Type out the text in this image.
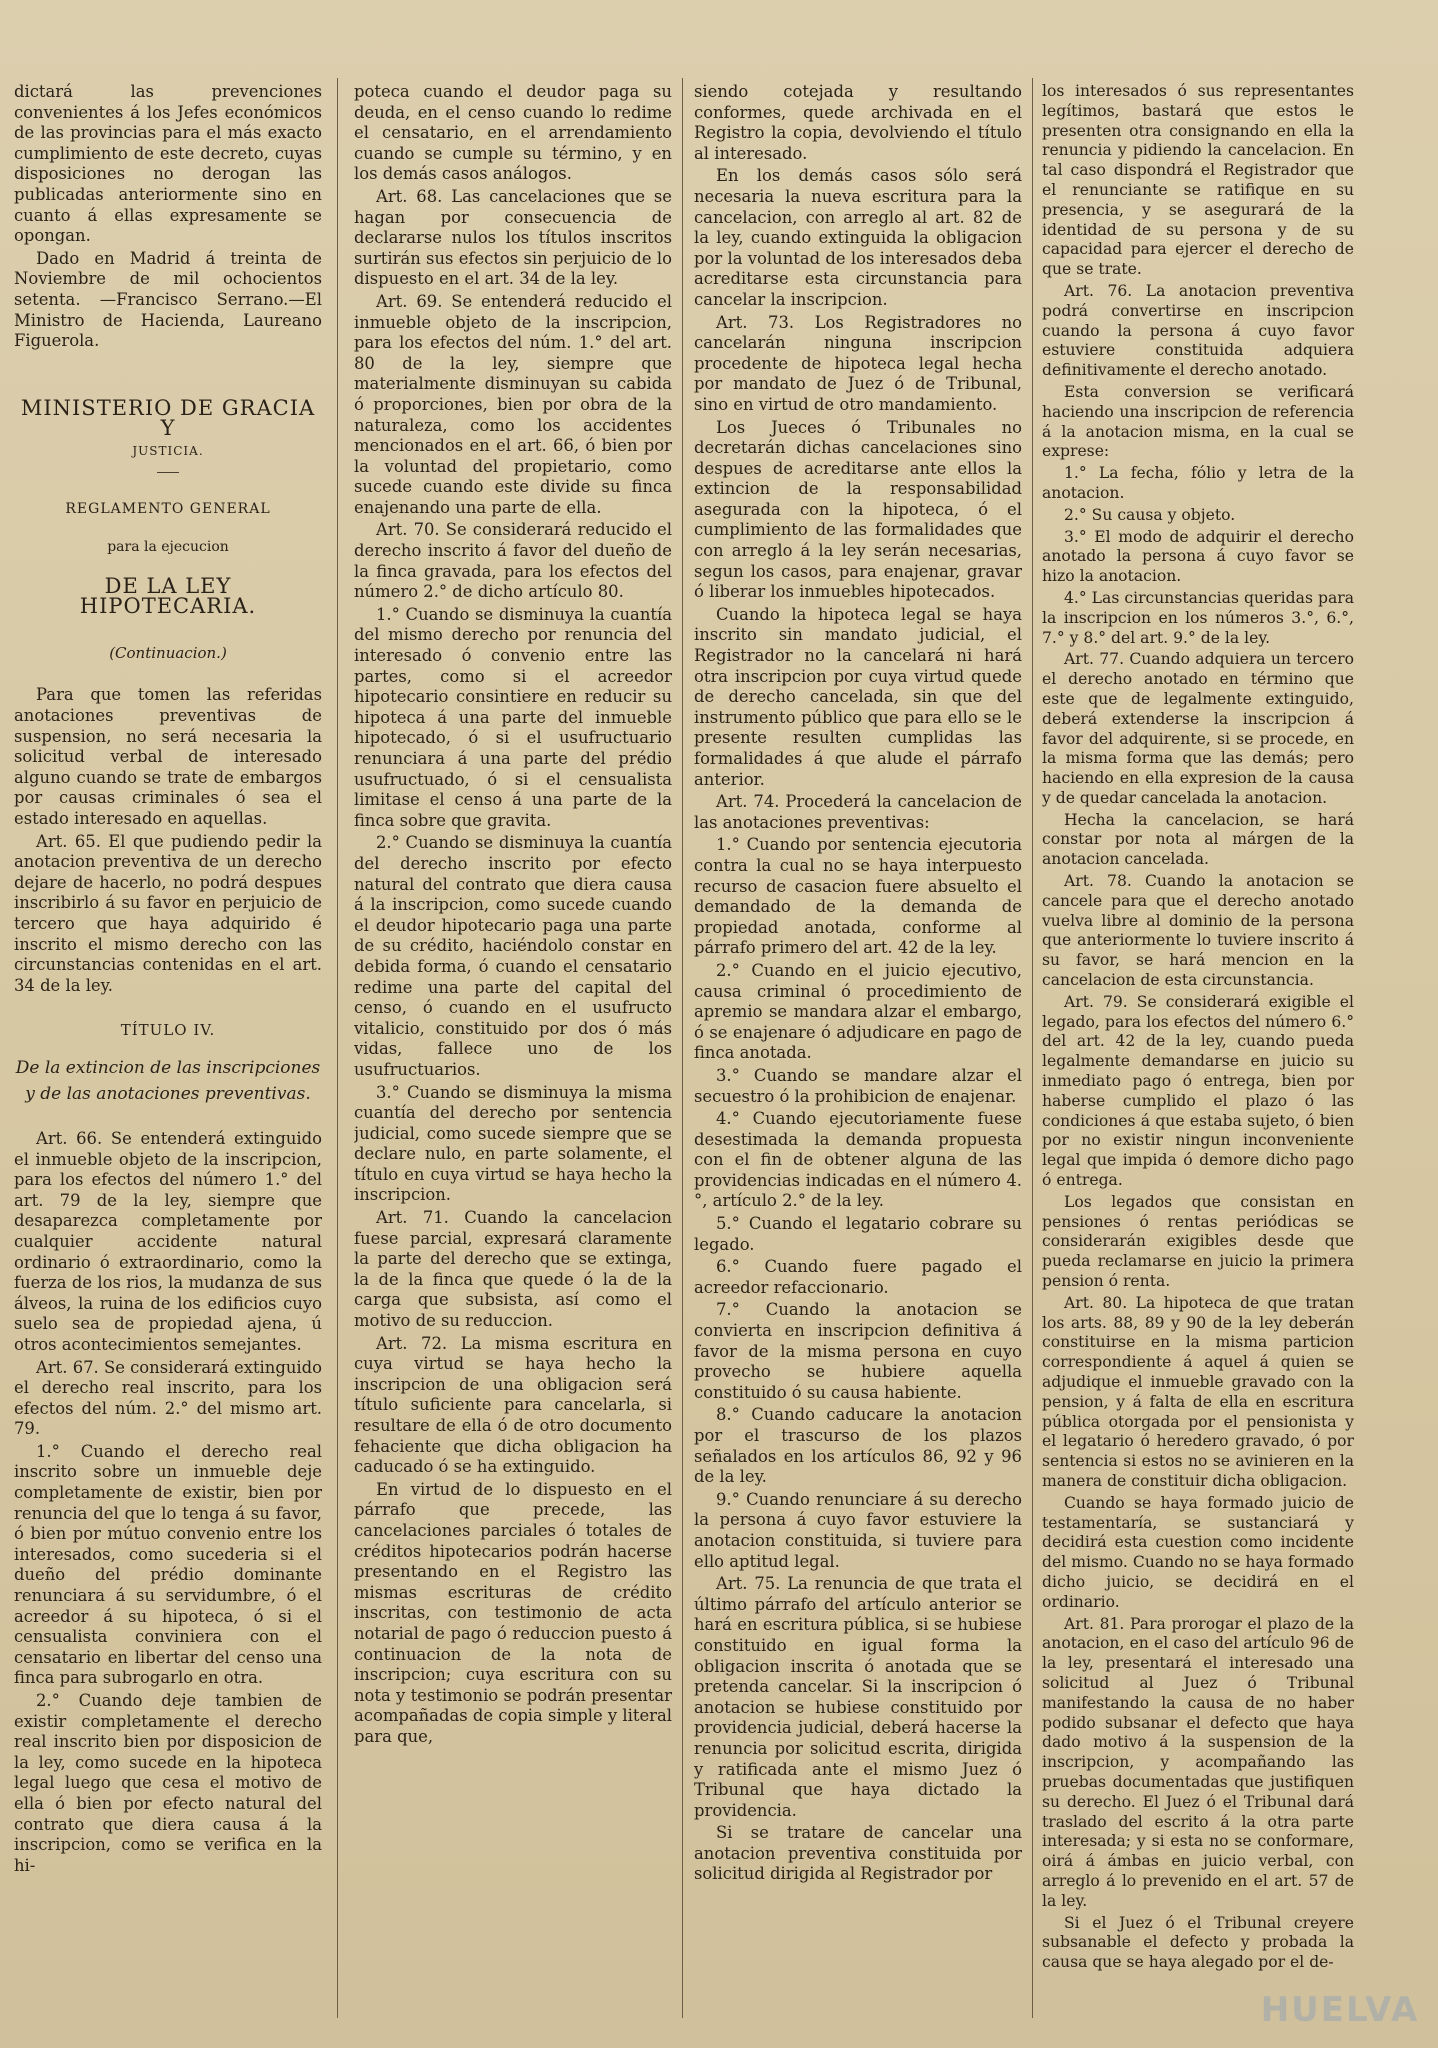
dictará las prevenciones convenientes á los Jefes económicos de las provincias para el más exacto cumplimiento de este decreto, cuyas disposiciones no derogan las publicadas anteriormente sino en cuanto á ellas expresamente se opongan.

Dado en Madrid á treinta de Noviembre de mil ochocientos setenta. —Francisco Serrano.—El Ministro de Hacienda, Laureano Figuerola.

MINISTERIO DE GRACIA Y

JUSTICIA.

REGLAMENTO GENERAL

para la ejecucion

DE LA LEY HIPOTECARIA.

(Continuacion.)

Para que tomen las referidas anotaciones preventivas de suspension, no será necesaria la solicitud verbal de interesado alguno cuando se trate de embargos por causas criminales ó sea el estado interesado en aquellas.

Art. 65. El que pudiendo pedir la anotacion preventiva de un derecho dejare de hacerlo, no podrá despues inscribirlo á su favor en perjuicio de tercero que haya adquirido é inscrito el mismo derecho con las circunstancias contenidas en el art. 34 de la ley.

TÍTULO IV.

De la extincion de las inscripciones y de las anotaciones preventivas.

Art. 66. Se entenderá extinguido el inmueble objeto de la inscripcion, para los efectos del número 1.° del art. 79 de la ley, siempre que desaparezca completamente por cualquier accidente natural ordinario ó extraordinario, como la fuerza de los rios, la mudanza de sus álveos, la ruina de los edificios cuyo suelo sea de propiedad ajena, ú otros acontecimientos semejantes.

Art. 67. Se considerará extinguido el derecho real inscrito, para los efectos del núm. 2.° del mismo art. 79.

1.° Cuando el derecho real inscrito sobre un inmueble deje completamente de existir, bien por renuncia del que lo tenga á su favor, ó bien por mútuo convenio entre los interesados, como sucederia si el dueño del prédio dominante renunciara á su servidumbre, ó el acreedor á su hipoteca, ó si el censualista conviniera con el censatario en libertar del censo una finca para subrogarlo en otra.

2.° Cuando deje tambien de existir completamente el derecho real inscrito bien por disposicion de la ley, como sucede en la hipoteca legal luego que cesa el motivo de ella ó bien por efecto natural del contrato que diera causa á la inscripcion, como se verifica en la hi-

poteca cuando el deudor paga su deuda, en el censo cuando lo redime el censatario, en el arrendamiento cuando se cumple su término, y en los demás casos análogos.

Art. 68. Las cancelaciones que se hagan por consecuencia de declararse nulos los títulos inscritos surtirán sus efectos sin perjuicio de lo dispuesto en el art. 34 de la ley.

Art. 69. Se entenderá reducido el inmueble objeto de la inscripcion, para los efectos del núm. 1.° del art. 80 de la ley, siempre que materialmente disminuyan su cabida ó proporciones, bien por obra de la naturaleza, como los accidentes mencionados en el art. 66, ó bien por la voluntad del propietario, como sucede cuando este divide su finca enajenando una parte de ella.

Art. 70. Se considerará reducido el derecho inscrito á favor del dueño de la finca gravada, para los efectos del número 2.° de dicho artículo 80.

1.° Cuando se disminuya la cuantía del mismo derecho por renuncia del interesado ó convenio entre las partes, como si el acreedor hipotecario consintiere en reducir su hipoteca á una parte del inmueble hipotecado, ó si el usufructuario renunciara á una parte del prédio usufructuado, ó si el censualista limitase el censo á una parte de la finca sobre que gravita.

2.° Cuando se disminuya la cuantía del derecho inscrito por efecto natural del contrato que diera causa á la inscripcion, como sucede cuando el deudor hipotecario paga una parte de su crédito, haciéndolo constar en debida forma, ó cuando el censatario redime una parte del capital del censo, ó cuando en el usufructo vitalicio, constituido por dos ó más vidas, fallece uno de los usufructuarios.

3.° Cuando se disminuya la misma cuantía del derecho por sentencia judicial, como sucede siempre que se declare nulo, en parte solamente, el título en cuya virtud se haya hecho la inscripcion.

Art. 71. Cuando la cancelacion fuese parcial, expresará claramente la parte del derecho que se extinga, la de la finca que quede ó la de la carga que subsista, así como el motivo de su reduccion.

Art. 72. La misma escritura en cuya virtud se haya hecho la inscripcion de una obligacion será título suficiente para cancelarla, si resultare de ella ó de otro documento fehaciente que dicha obligacion ha caducado ó se ha extinguido.

En virtud de lo dispuesto en el párrafo que precede, las cancelaciones parciales ó totales de créditos hipotecarios podrán hacerse presentando en el Registro las mismas escrituras de crédito inscritas, con testimonio de acta notarial de pago ó reduccion puesto á continuacion de la nota de inscripcion; cuya escritura con su nota y testimonio se podrán presentar acompañadas de copia simple y literal para que,

siendo cotejada y resultando conformes, quede archivada en el Registro la copia, devolviendo el título al interesado.

En los demás casos sólo será necesaria la nueva escritura para la cancelacion, con arreglo al art. 82 de la ley, cuando extinguida la obligacion por la voluntad de los interesados deba acreditarse esta circunstancia para cancelar la inscripcion.

Art. 73. Los Registradores no cancelarán ninguna inscripcion procedente de hipoteca legal hecha por mandato de Juez ó de Tribunal, sino en virtud de otro mandamiento.

Los Jueces ó Tribunales no decretarán dichas cancelaciones sino despues de acreditarse ante ellos la extincion de la responsabilidad asegurada con la hipoteca, ó el cumplimiento de las formalidades que con arreglo á la ley serán necesarias, segun los casos, para enajenar, gravar ó liberar los inmuebles hipotecados.

Cuando la hipoteca legal se haya inscrito sin mandato judicial, el Registrador no la cancelará ni hará otra inscripcion por cuya virtud quede de derecho cancelada, sin que del instrumento público que para ello se le presente resulten cumplidas las formalidades á que alude el párrafo anterior.

Art. 74. Procederá la cancelacion de las anotaciones preventivas:

1.° Cuando por sentencia ejecutoria contra la cual no se haya interpuesto recurso de casacion fuere absuelto el demandado de la demanda de propiedad anotada, conforme al párrafo primero del art. 42 de la ley.

2.° Cuando en el juicio ejecutivo, causa criminal ó procedimiento de apremio se mandara alzar el embargo, ó se enajenare ó adjudicare en pago de finca anotada.

3.° Cuando se mandare alzar el secuestro ó la prohibicion de enajenar.

4.° Cuando ejecutoriamente fuese desestimada la demanda propuesta con el fin de obtener alguna de las providencias indicadas en el número 4.°, artículo 2.° de la ley.

5.° Cuando el legatario cobrare su legado.

6.° Cuando fuere pagado el acreedor refaccionario.

7.° Cuando la anotacion se convierta en inscripcion definitiva á favor de la misma persona en cuyo provecho se hubiere aquella constituido ó su causa habiente.

8.° Cuando caducare la anotacion por el trascurso de los plazos señalados en los artículos 86, 92 y 96 de la ley.

9.° Cuando renunciare á su derecho la persona á cuyo favor estuviere la anotacion constituida, si tuviere para ello aptitud legal.

Art. 75. La renuncia de que trata el último párrafo del artículo anterior se hará en escritura pública, si se hubiese constituido en igual forma la obligacion inscrita ó anotada que se pretenda cancelar. Si la inscripcion ó anotacion se hubiese constituido por providencia judicial, deberá hacerse la renuncia por solicitud escrita, dirigida y ratificada ante el mismo Juez ó Tribunal que haya dictado la providencia.

Si se tratare de cancelar una anotacion preventiva constituida por solicitud dirigida al Registrador por

los interesados ó sus representantes legítimos, bastará que estos le presenten otra consignando en ella la renuncia y pidiendo la cancelacion. En tal caso dispondrá el Registrador que el renunciante se ratifique en su presencia, y se asegurará de la identidad de su persona y de su capacidad para ejercer el derecho de que se trate.

Art. 76. La anotacion preventiva podrá convertirse en inscripcion cuando la persona á cuyo favor estuviere constituida adquiera definitivamente el derecho anotado.

Esta conversion se verificará haciendo una inscripcion de referencia á la anotacion misma, en la cual se exprese:

1.° La fecha, fólio y letra de la anotacion.

2.° Su causa y objeto.

3.° El modo de adquirir el derecho anotado la persona á cuyo favor se hizo la anotacion.

4.° Las circunstancias queridas para la inscripcion en los números 3.°, 6.°, 7.° y 8.° del art. 9.° de la ley.

Art. 77. Cuando adquiera un tercero el derecho anotado en término que este que de legalmente extinguido, deberá extenderse la inscripcion á favor del adquirente, si se procede, en la misma forma que las demás; pero haciendo en ella expresion de la causa y de quedar cancelada la anotacion.

Hecha la cancelacion, se hará constar por nota al márgen de la anotacion cancelada.

Art. 78. Cuando la anotacion se cancele para que el derecho anotado vuelva libre al dominio de la persona que anteriormente lo tuviere inscrito á su favor, se hará mencion en la cancelacion de esta circunstancia.

Art. 79. Se considerará exigible el legado, para los efectos del número 6.° del art. 42 de la ley, cuando pueda legalmente demandarse en juicio su inmediato pago ó entrega, bien por haberse cumplido el plazo ó las condiciones á que estaba sujeto, ó bien por no existir ningun inconveniente legal que impida ó demore dicho pago ó entrega.

Los legados que consistan en pensiones ó rentas periódicas se considerarán exigibles desde que pueda reclamarse en juicio la primera pension ó renta.

Art. 80. La hipoteca de que tratan los arts. 88, 89 y 90 de la ley deberán constituirse en la misma particion correspondiente á aquel á quien se adjudique el inmueble gravado con la pension, y á falta de ella en escritura pública otorgada por el pensionista y el legatario ó heredero gravado, ó por sentencia si estos no se avinieren en la manera de constituir dicha obligacion.

Cuando se haya formado juicio de testamentaría, se sustanciará y decidirá esta cuestion como incidente del mismo. Cuando no se haya formado dicho juicio, se decidirá en el ordinario.

Art. 81. Para prorogar el plazo de la anotacion, en el caso del artículo 96 de la ley, presentará el interesado una solicitud al Juez ó Tribunal manifestando la causa de no haber podido subsanar el defecto que haya dado motivo á la suspension de la inscripcion, y acompañando las pruebas documentadas que justifiquen su derecho. El Juez ó el Tribunal dará traslado del escrito á la otra parte interesada; y si esta no se conformare, oirá á ámbas en juicio verbal, con arreglo á lo prevenido en el art. 57 de la ley.

Si el Juez ó el Tribunal creyere subsanable el defecto y probada la causa que se haya alegado por el de-

HUELVA
